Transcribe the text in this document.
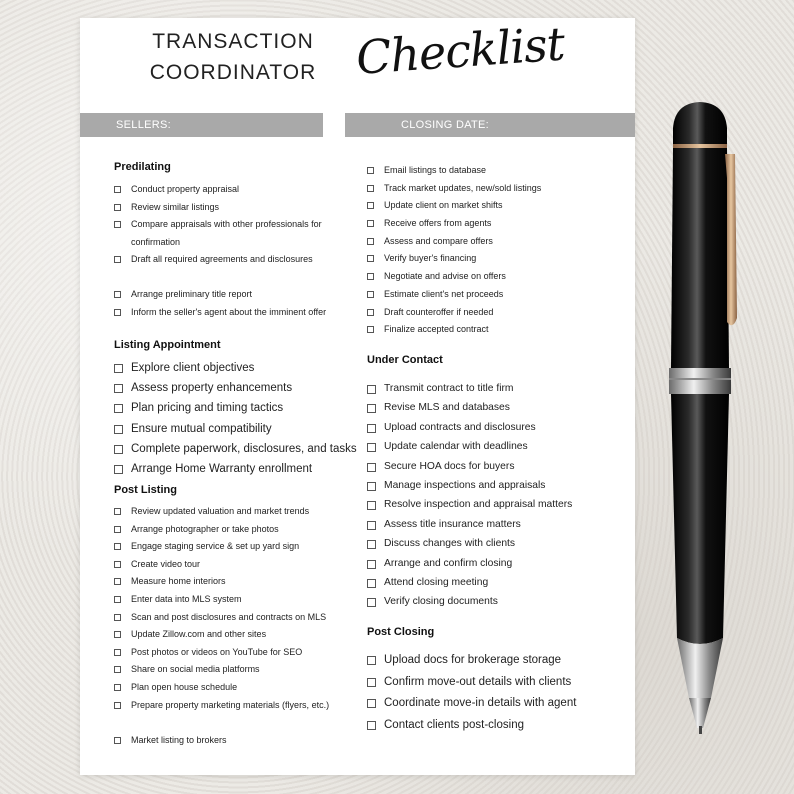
TRANSACTION
COORDINATOR Checklist
SELLERS:	CLOSING DATE:
Predilating
Conduct property appraisal
Review similar listings
Compare appraisals with other professionals for confirmation
Draft all required agreements and disclosures
Arrange preliminary title report
Inform the seller's agent about the imminent offer
Listing Appointment
Explore client objectives
Assess property enhancements
Plan pricing and timing tactics
Ensure mutual compatibility
Complete paperwork, disclosures, and tasks
Arrange Home Warranty enrollment
Post Listing
Review updated valuation and market trends
Arrange photographer or take photos
Engage staging service & set up yard sign
Create video tour
Measure home interiors
Enter data into MLS system
Scan and post disclosures and contracts on MLS
Update Zillow.com and other sites
Post photos or videos on YouTube for SEO
Share on social media platforms
Plan open house schedule
Prepare property marketing materials (flyers, etc.)
Market listing to brokers
Email listings to database
Track market updates, new/sold listings
Update client on market shifts
Receive offers from agents
Assess and compare offers
Verify buyer's financing
Negotiate and advise on offers
Estimate client's net proceeds
Draft counteroffer if needed
Finalize accepted contract
Under Contact
Transmit contract to title firm
Revise MLS and databases
Upload contracts and disclosures
Update calendar with deadlines
Secure HOA docs for buyers
Manage inspections and appraisals
Resolve inspection and appraisal matters
Assess title insurance matters
Discuss changes with clients
Arrange and confirm closing
Attend closing meeting
Verify closing documents
Post Closing
Upload docs for brokerage storage
Confirm move-out details with clients
Coordinate move-in details with agent
Contact clients post-closing
